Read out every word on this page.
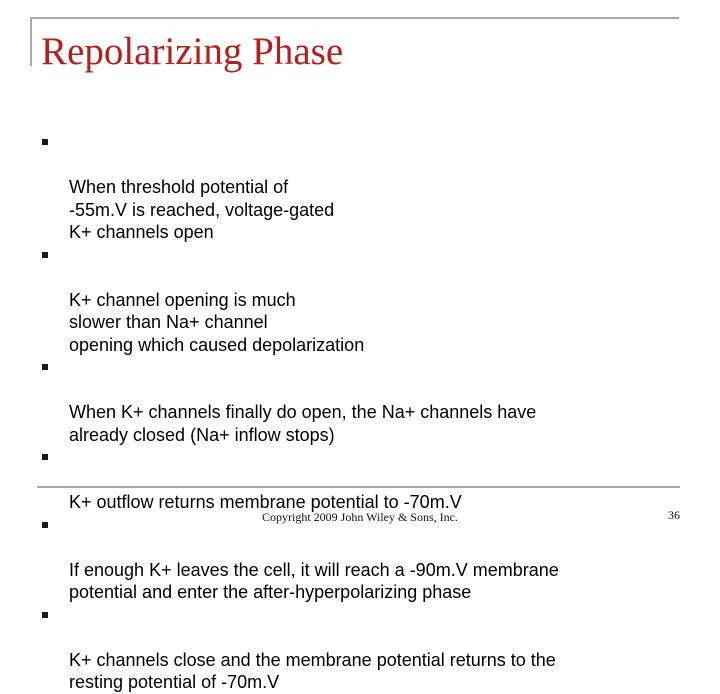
Repolarizing Phase

When threshold potential of
-55m.V is reached, voltage-gated
K+ channels open

K+ channel opening is much
slower than Na+ channel
opening which caused depolarization

When K+ channels finally do open, the Na+ channels have
already closed (Na+ inflow stops)

K+ outflow returns membrane potential to -70m.V

If enough K+ leaves the cell, it will reach a -90m.V membrane
potential and enter the after-hyperpolarizing phase

K+ channels close and the membrane potential returns to the
resting potential of -70m.V

Copyright 2009 John Wiley & Sons, Inc.	36
